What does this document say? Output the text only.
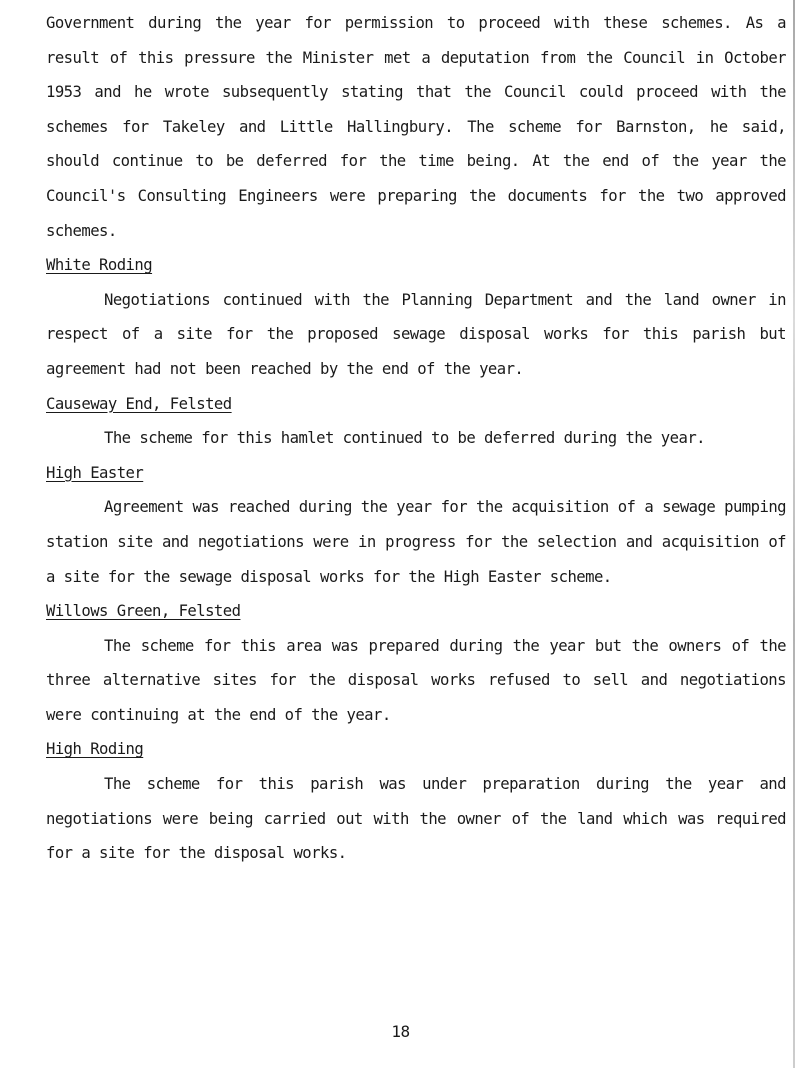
Government during the year for permission to proceed with these schemes. As a result of this pressure the Minister met a deputation from the Council in October 1953 and he wrote subsequently stating that the Council could proceed with the schemes for Takeley and Little Hallingbury. The scheme for Barnston, he said, should continue to be deferred for the time being. At the end of the year the Council's Consulting Engineers were preparing the documents for the two approved schemes.

White Roding

Negotiations continued with the Planning Department and the land owner in respect of a site for the proposed sewage disposal works for this parish but agreement had not been reached by the end of the year.

Causeway End, Felsted

The scheme for this hamlet continued to be deferred during the year.

High Easter

Agreement was reached during the year for the acquisition of a sewage pumping station site and negotiations were in progress for the selection and acquisition of a site for the sewage disposal works for the High Easter scheme.

Willows Green, Felsted

The scheme for this area was prepared during the year but the owners of the three alternative sites for the disposal works refused to sell and negotiations were continuing at the end of the year.

High Roding

The scheme for this parish was under preparation during the year and negotiations were being carried out with the owner of the land which was required for a site for the disposal works.

18
